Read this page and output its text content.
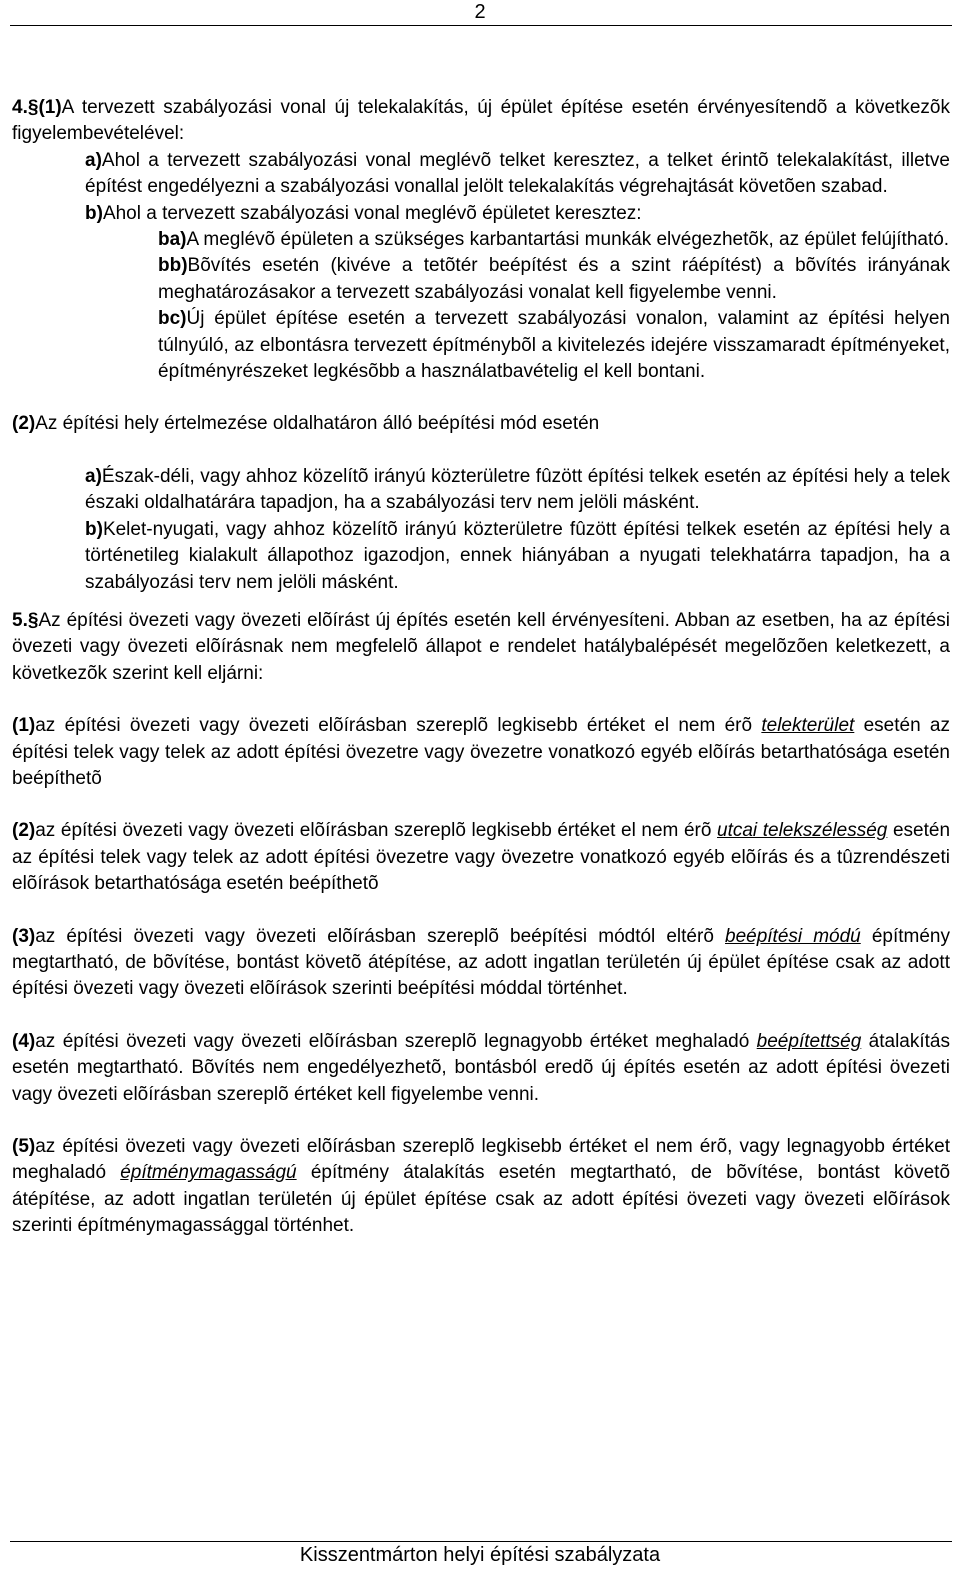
2

4.§(1)A tervezett szabályozási vonal új telekalakítás, új épület építése esetén érvényesítendõ a következõk figyelembevételével:

a)Ahol a tervezett szabályozási vonal meglévõ telket keresztez, a telket érintõ telekalakítást, illetve építést engedélyezni a szabályozási vonallal jelölt telekalakítás végrehajtását követõen szabad.

b)Ahol a tervezett szabályozási vonal meglévõ épületet keresztez:

ba)A meglévõ épületen a szükséges karbantartási munkák elvégezhetõk, az épület felújítható.

bb)Bõvítés esetén (kivéve a tetõtér beépítést és a szint ráépítést) a bõvítés irányának meghatározásakor a tervezett szabályozási vonalat kell figyelembe venni.

bc)Új épület építése esetén a tervezett szabályozási vonalon, valamint az építési helyen túlnyúló, az elbontásra tervezett építménybõl a kivitelezés idejére visszamaradt építményeket, építményrészeket legkésõbb a használatbavételig el kell bontani.

(2)Az építési hely értelmezése oldalhatáron álló beépítési mód esetén

a)Észak-déli, vagy ahhoz közelítõ irányú közterületre fûzött építési telkek esetén az építési hely a telek északi oldalhatárára tapadjon, ha a szabályozási terv nem jelöli másként.

b)Kelet-nyugati, vagy ahhoz közelítõ irányú közterületre fûzött építési telkek esetén az építési hely a történetileg kialakult állapothoz igazodjon, ennek hiányában a nyugati telekhatárra tapadjon, ha a szabályozási terv nem jelöli másként.

5.§Az építési övezeti vagy övezeti elõírást új építés esetén kell érvényesíteni. Abban az esetben, ha az építési övezeti vagy övezeti elõírásnak nem megfelelõ állapot e rendelet hatálybalépését megelõzõen keletkezett, a következõk szerint kell eljárni:

(1)az építési övezeti vagy övezeti elõírásban szereplõ legkisebb értéket el nem érõ telekterület esetén az építési telek vagy telek az adott építési övezetre vagy övezetre vonatkozó egyéb elõírás betarthatósága esetén beépíthetõ

(2)az építési övezeti vagy övezeti elõírásban szereplõ legkisebb értéket el nem érõ utcai telekszélesség esetén az építési telek vagy telek az adott építési övezetre vagy övezetre vonatkozó egyéb elõírás és a tûzrendészeti elõírások betarthatósága esetén beépíthetõ

(3)az építési övezeti vagy övezeti elõírásban szereplõ beépítési módtól eltérõ beépítési módú építmény megtartható, de bõvítése, bontást követõ átépítése, az adott ingatlan területén új épület építése csak az adott építési övezeti vagy övezeti elõírások szerinti beépítési móddal történhet.

(4)az építési övezeti vagy övezeti elõírásban szereplõ legnagyobb értéket meghaladó beépítettség átalakítás esetén megtartható. Bõvítés nem engedélyezhetõ, bontásból eredõ új építés esetén az adott építési övezeti vagy övezeti elõírásban szereplõ értéket kell figyelembe venni.

(5)az építési övezeti vagy övezeti elõírásban szereplõ legkisebb értéket el nem érõ, vagy legnagyobb értéket meghaladó építménymagasságú építmény átalakítás esetén megtartható, de bõvítése, bontást követõ átépítése, az adott ingatlan területén új épület építése csak az adott építési övezeti vagy övezeti elõírások szerinti építménymagassággal történhet.

Kisszentmárton helyi építési szabályzata
